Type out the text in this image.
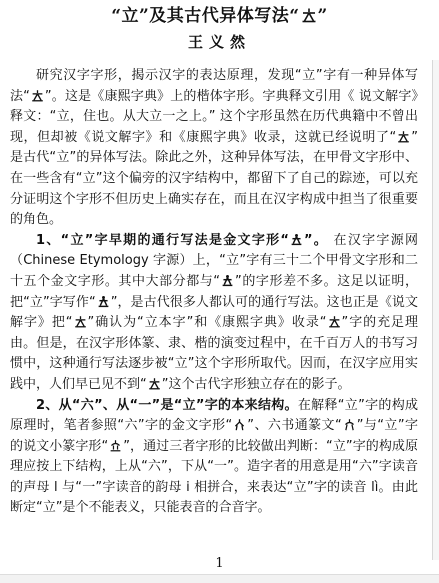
“立”及其古代异体写法“ ”
王义然

研究汉字字形，揭示汉字的表达原理，发现“立”字有一种异体写法“ ”。这是《康熙字典》上的楷体字形。字典释文引用《 说文解字》释文：“立，住也。从大立一之上。” 这个字形虽然在历代典籍中不曾出现，但却被《说文解字》和《康熙字典》收录，这就已经说明了“ ” 是古代“立”的异体写法。除此之外，这种异体写法，在甲骨文字形中、在一些含有“立”这个偏旁的汉字结构中，都留下了自己的踪迹，可以充分证明这个字形不但历史上确实存在，而且在汉字构成中担当了很重要的角色。

1、“立”字早期的通行写法是金文字形“ ”。 在汉字字源网（Chinese Etymology 字源）上，“立”字有三十二个甲骨文字形和二十五个金文字形。其中大部分都与“ ”的字形差不多。这足以证明，把“立”字写作“ ”，是古代很多人都认可的通行写法。这也正是《说文解字》把“ ”确认为“立本字”和《康熙字典》收录“ ”字的充足理由。但是，在汉字形体篆、隶、楷的演变过程中，在千百万人的书写习惯中，这种通行写法逐步被“立”这个字形所取代。因而，在汉字应用实践中，人们早已见不到“ ”这个古代字形独立存在的影子。

2、从“六”、从“一”是“立”字的本来结构。在解释“立”字的构成原理时，笔者参照“六”字的金文字形“ ”、六书通篆文“ ”与“立”字的说文小篆字形“ ”，通过三者字形的比较做出判断：“立”字的构成原理应按上下结构，上从“六”，下从“一”。造字者的用意是用“六”字读音的声母 l 与“一”字读音的韵母 i 相拼合，来表达“立”字的读音 lì。由此断定“立”是个不能表义，只能表音的合音字。

1
